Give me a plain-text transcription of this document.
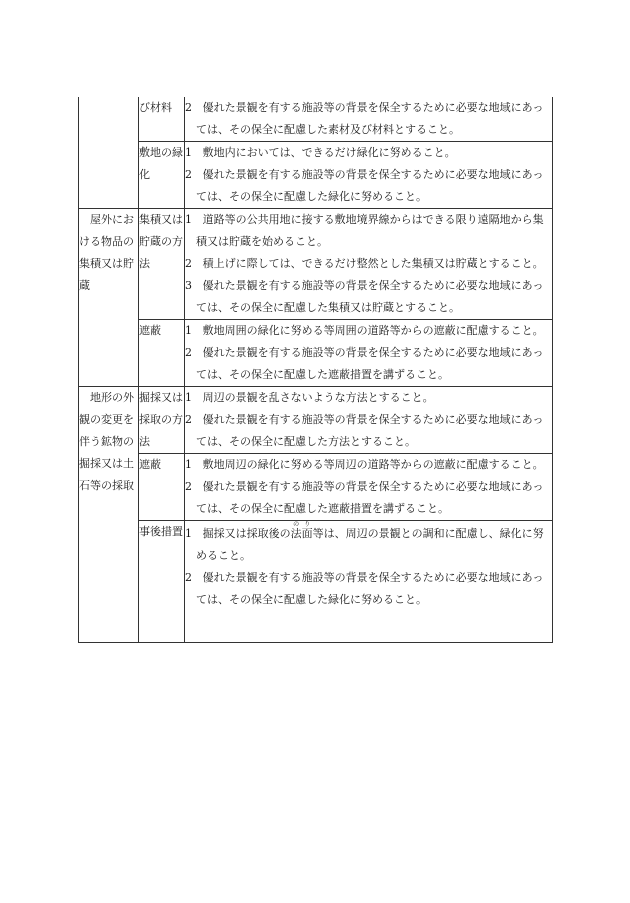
	び材料	2 優れた景観を有する施設等の背景を保全するために必要な地域にあっては、その保全に配慮した素材及び材料とすること。

	敷地の緑化	1 敷地内においては、できるだけ緑化に努めること。

2 優れた景観を有する施設等の背景を保全するために必要な地域にあっては、その保全に配慮した緑化に努めること。

屋外における物品の集積又は貯蔵	集積又は貯蔵の方法	1 道路等の公共用地に接する敷地境界線からはできる限り遠隔地から集積又は貯蔵を始めること。

2 積上げに際しては、できるだけ整然とした集積又は貯蔵とすること。

3 優れた景観を有する施設等の背景を保全するために必要な地域にあっては、その保全に配慮した集積又は貯蔵とすること。

	遮蔽	1 敷地周囲の緑化に努める等周囲の道路等からの遮蔽に配慮すること。

2 優れた景観を有する施設等の背景を保全するために必要な地域にあっては、その保全に配慮した遮蔽措置を講ずること。

地形の外観の変更を伴う鉱物の掘採又は土石等の採取	掘採又は採取の方法	1 周辺の景観を乱さないような方法とすること。

2 優れた景観を有する施設等の背景を保全するために必要な地域にあっては、その保全に配慮した方法とすること。

	遮蔽	1 敷地周辺の緑化に努める等周辺の道路等からの遮蔽に配慮すること。

2 優れた景観を有する施設等の背景を保全するために必要な地域にあっては、その保全に配慮した遮蔽措置を講ずること。

	事後措置	1 掘採又は採取後の法面のり等は、周辺の景観との調和に配慮し、緑化に努めること。

2 優れた景観を有する施設等の背景を保全するために必要な地域にあっては、その保全に配慮した緑化に努めること。
